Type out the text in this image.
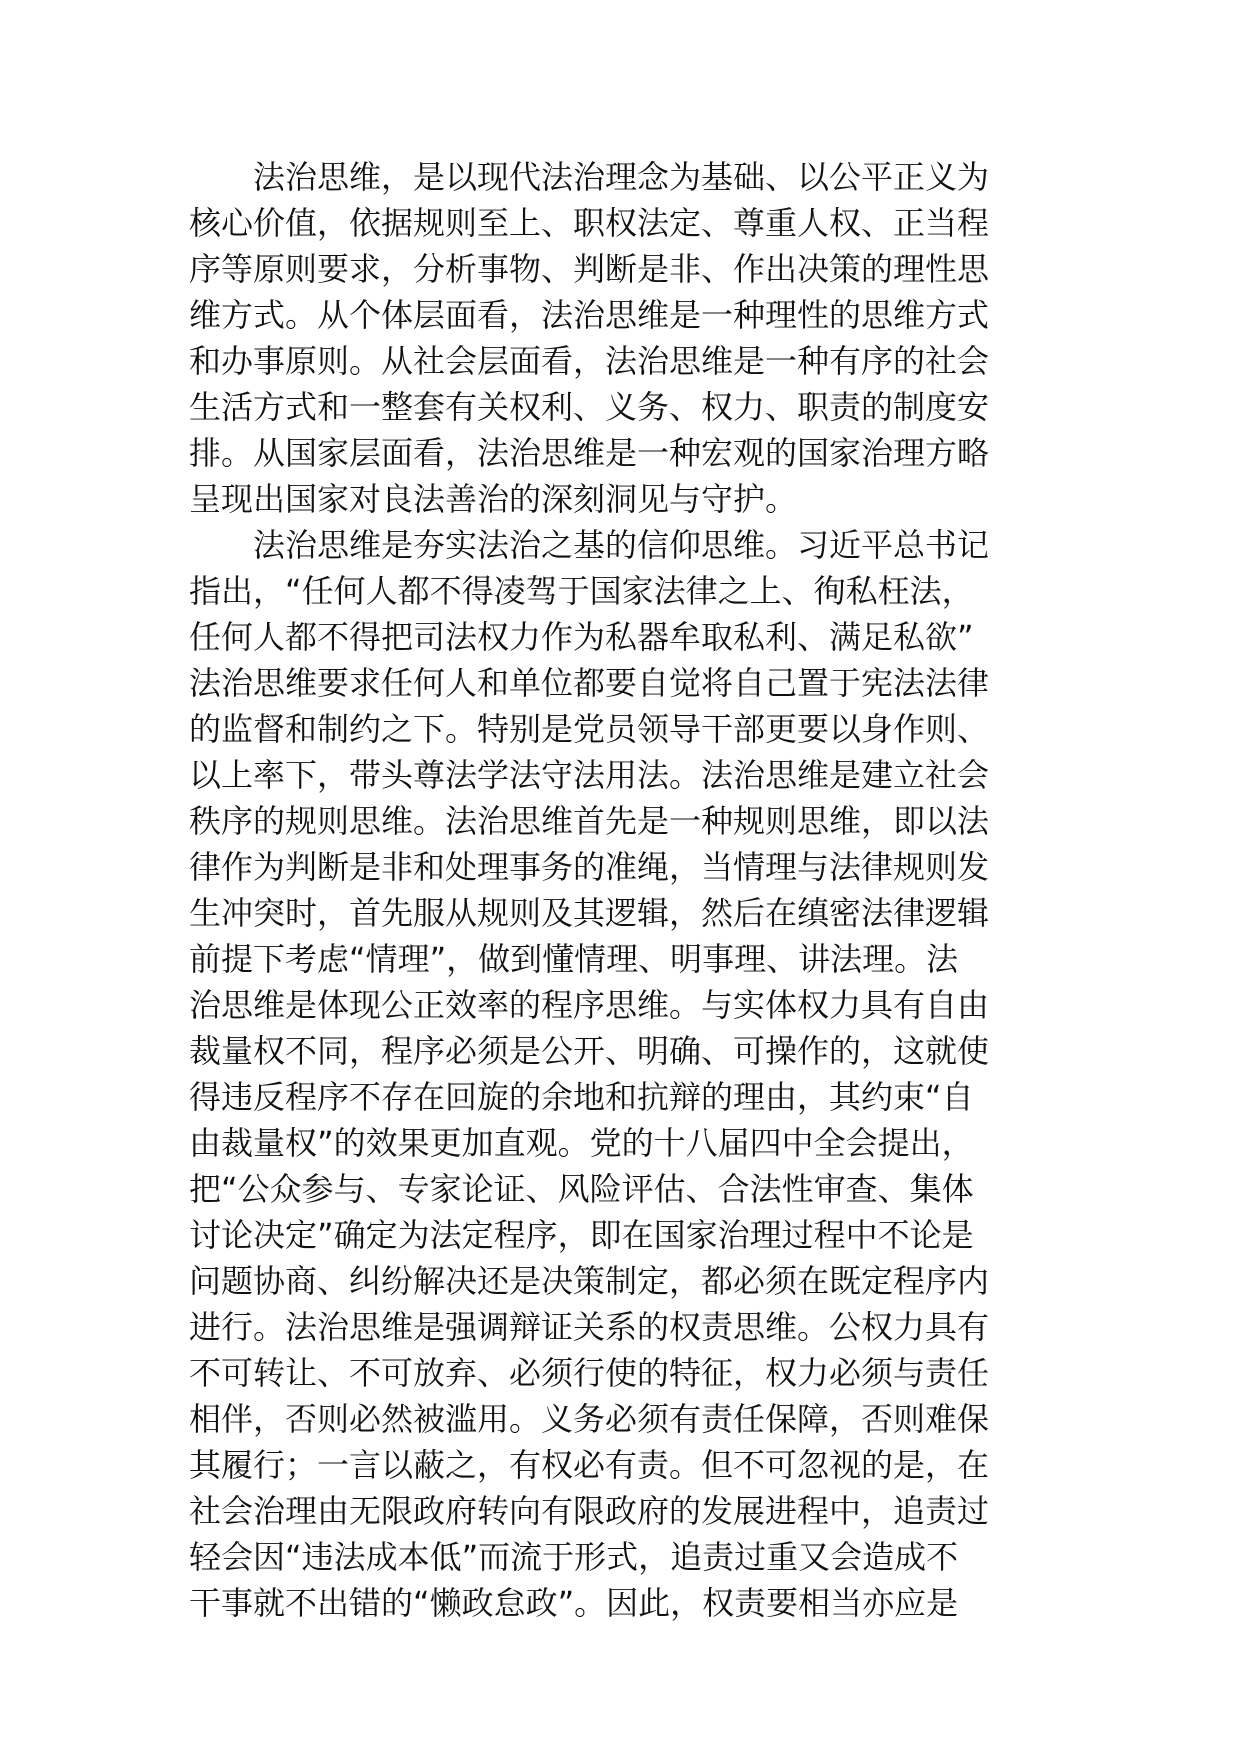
法治思维，是以现代法治理念为基础、以公平正义为
核心价值，依据规则至上、职权法定、尊重人权、正当程
序等原则要求，分析事物、判断是非、作出决策的理性思
维方式。从个体层面看，法治思维是一种理性的思维方式
和办事原则。从社会层面看，法治思维是一种有序的社会
生活方式和一整套有关权利、义务、权力、职责的制度安
排。从国家层面看，法治思维是一种宏观的国家治理方略
呈现出国家对良法善治的深刻洞见与守护。
法治思维是夯实法治之基的信仰思维。习近平总书记
指出，“任何人都不得凌驾于国家法律之上、徇私枉法，
任何人都不得把司法权力作为私器牟取私利、满足私欲”
法治思维要求任何人和单位都要自觉将自己置于宪法法律
的监督和制约之下。特别是党员领导干部更要以身作则、
以上率下，带头尊法学法守法用法。法治思维是建立社会
秩序的规则思维。法治思维首先是一种规则思维，即以法
律作为判断是非和处理事务的准绳，当情理与法律规则发
生冲突时，首先服从规则及其逻辑，然后在缜密法律逻辑
前提下考虑“情理”，做到懂情理、明事理、讲法理。法
治思维是体现公正效率的程序思维。与实体权力具有自由
裁量权不同，程序必须是公开、明确、可操作的，这就使
得违反程序不存在回旋的余地和抗辩的理由，其约束“自
由裁量权”的效果更加直观。党的十八届四中全会提出，
把“公众参与、专家论证、风险评估、合法性审查、集体
讨论决定”确定为法定程序，即在国家治理过程中不论是
问题协商、纠纷解决还是决策制定，都必须在既定程序内
进行。法治思维是强调辩证关系的权责思维。公权力具有
不可转让、不可放弃、必须行使的特征，权力必须与责任
相伴，否则必然被滥用。义务必须有责任保障，否则难保
其履行；一言以蔽之，有权必有责。但不可忽视的是，在
社会治理由无限政府转向有限政府的发展进程中，追责过
轻会因“违法成本低”而流于形式，追责过重又会造成不
干事就不出错的“懒政怠政”。因此，权责要相当亦应是
